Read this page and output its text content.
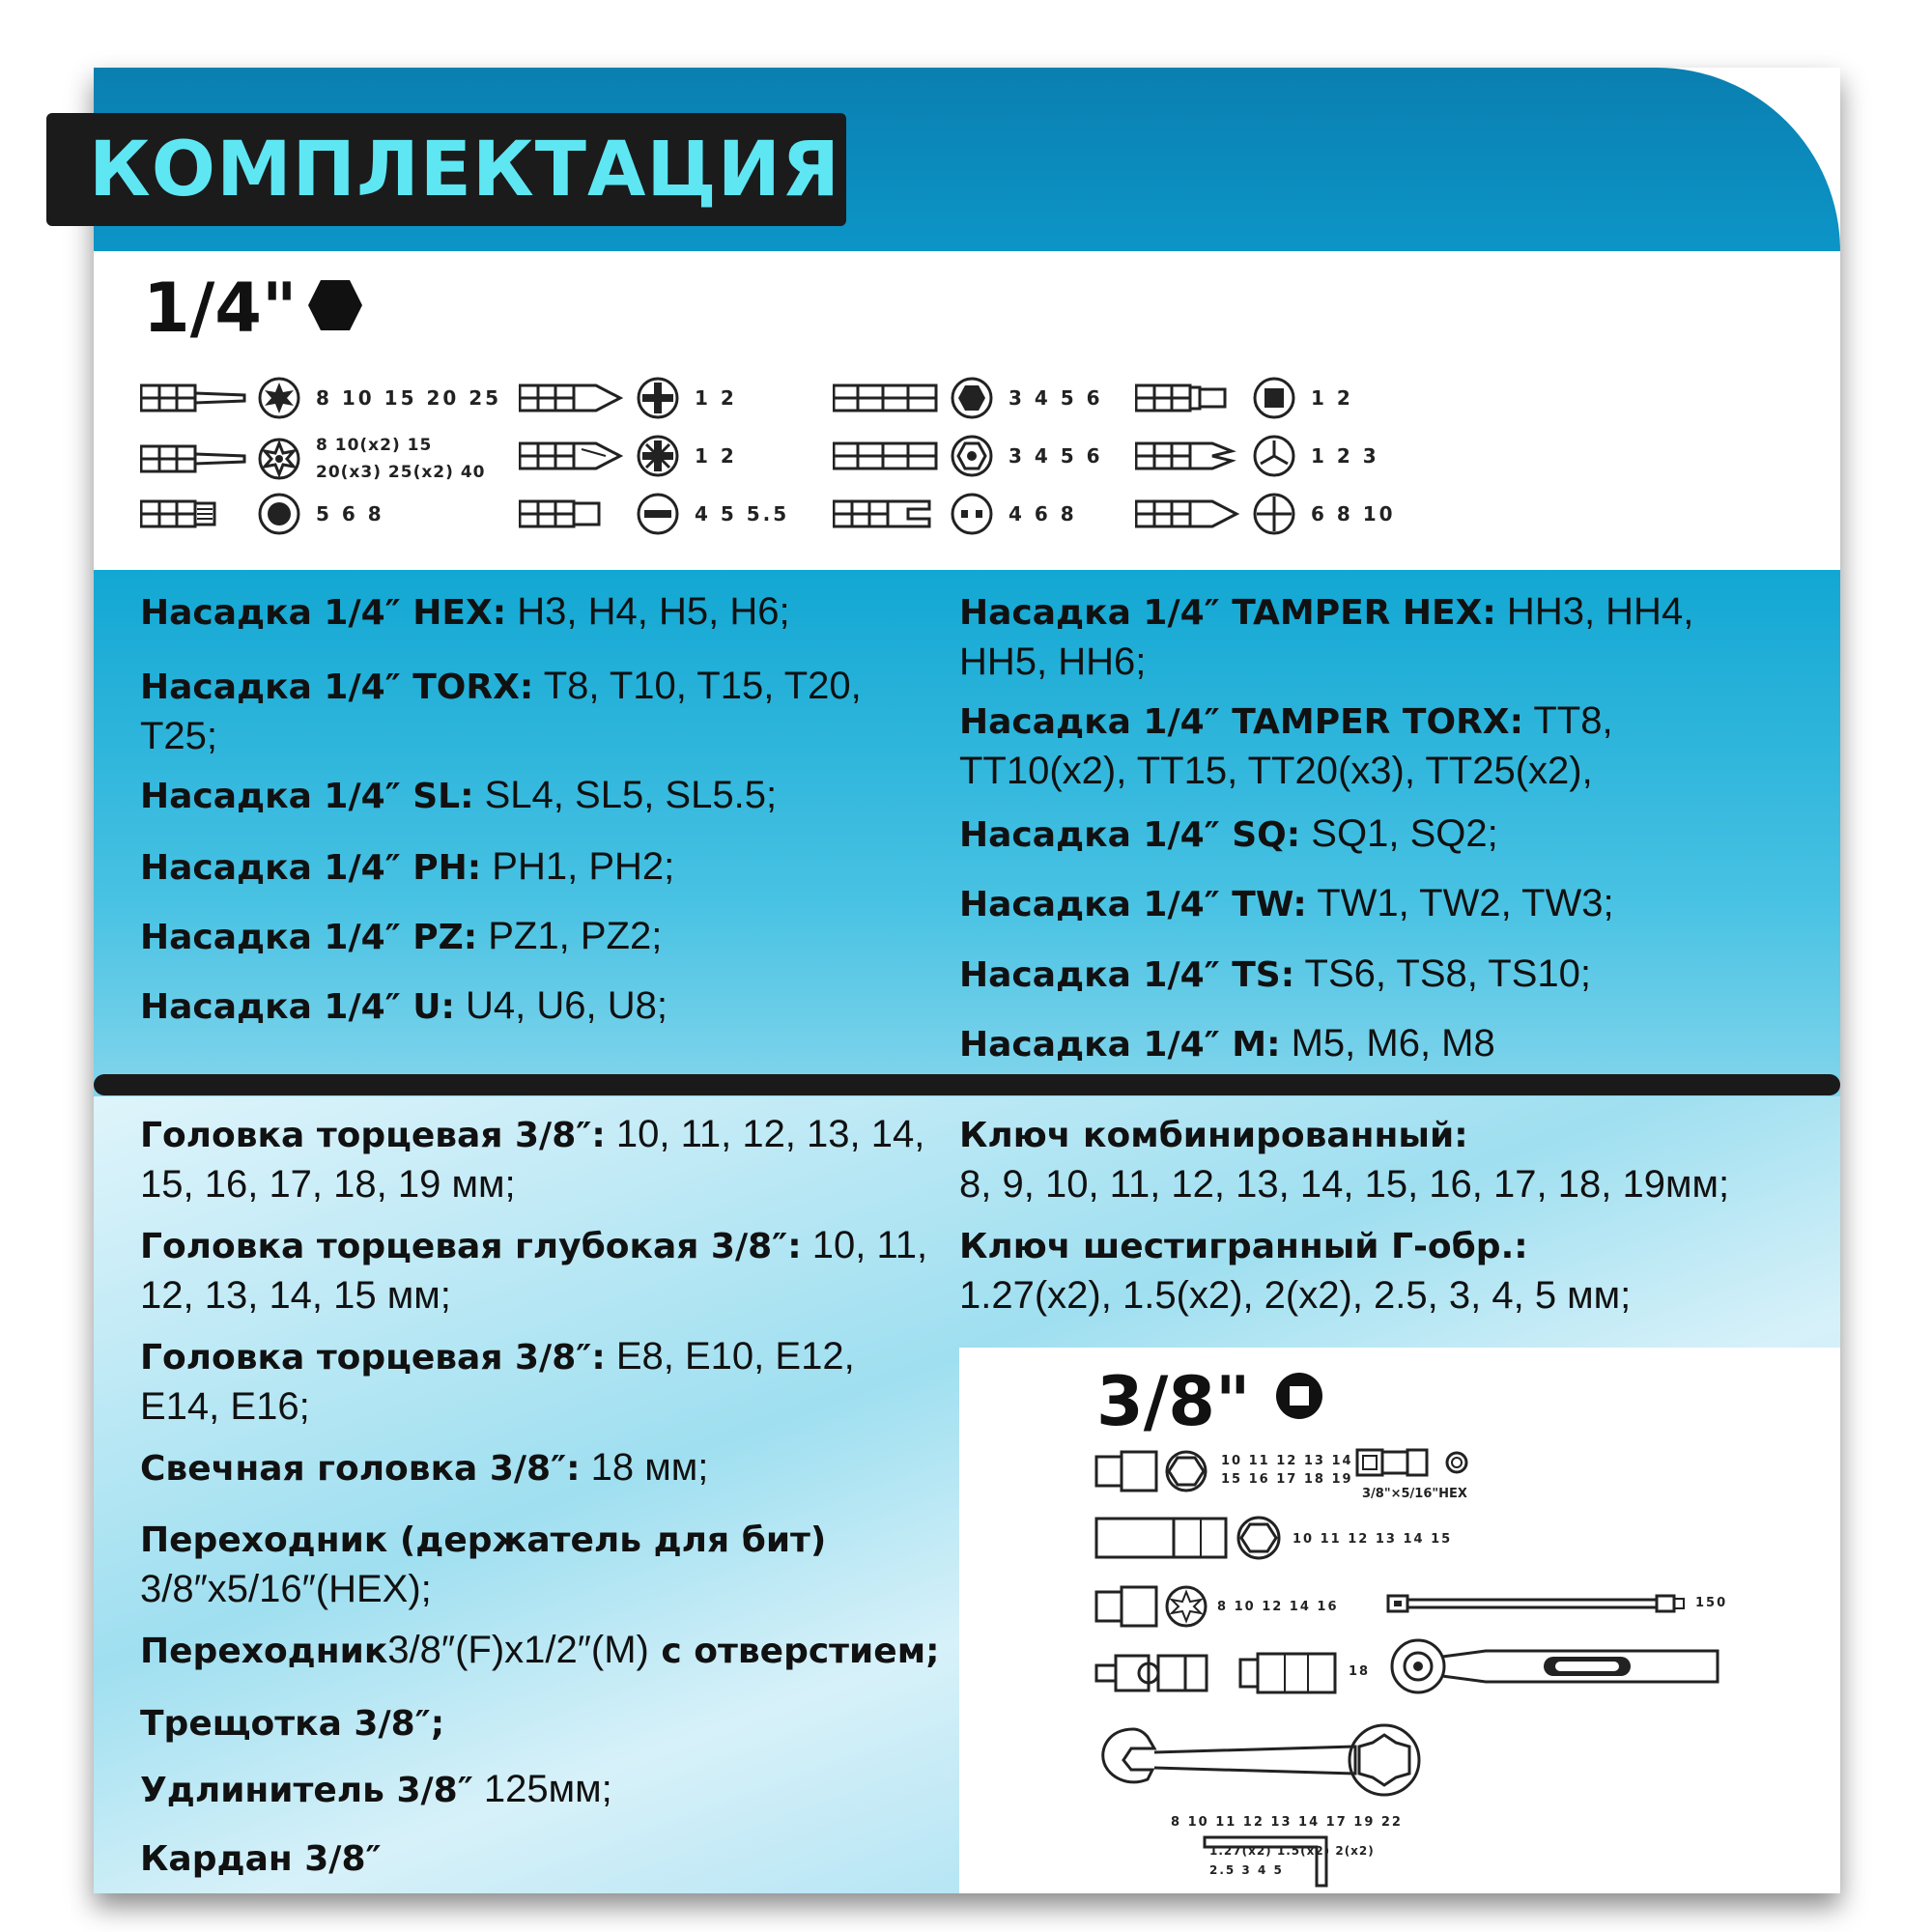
КОМПЛЕКТАЦИЯ
1/4"
8 10 15 20 25
8 10(x2) 15
20(x3) 25(x2) 40
5 6 8
1 2
1 2
4 5 5.5
3 4 5 6
3 4 5 6
4 6 8
1 2
1 2 3
6 8 10
Насадка 1/4″ HEX: H3, H4, H5, H6;
Насадка 1/4″ TORX: T8, T10, T15, T20,
T25;
Насадка 1/4″ SL: SL4, SL5, SL5.5;
Насадка 1/4″ PH: PH1, PH2;
Насадка 1/4″ PZ: PZ1, PZ2;
Насадка 1/4″ U: U4, U6, U8;
Насадка 1/4″ TAMPER HEX: HH3, HH4,
HH5, HH6;
Насадка 1/4″ TAMPER TORX: TT8,
TT10(x2), TT15, TT20(x3), TT25(x2),
Насадка 1/4″ SQ: SQ1, SQ2;
Насадка 1/4″ TW: TW1, TW2, TW3;
Насадка 1/4″ TS: TS6, TS8, TS10;
Насадка 1/4″ M: M5, M6, M8
Головка торцевая 3/8″: 10, 11, 12, 13, 14,
15, 16, 17, 18, 19 мм;
Головка торцевая глубокая 3/8″: 10, 11,
12, 13, 14, 15 мм;
Головка торцевая 3/8″: E8, E10, E12,
E14, E16;
Свечная головка 3/8″: 18 мм;
Переходник (держатель для бит)
3/8″x5/16″(HEX);
Переходник3/8″(F)x1/2″(M) с отверстием;
Трещотка 3/8″;
Удлинитель 3/8″ 125мм;
Кардан 3/8″
Ключ комбинированный:
8, 9, 10, 11, 12, 13, 14, 15, 16, 17, 18, 19мм;
Ключ шестигранный Г-обр.:
1.27(x2), 1.5(x2), 2(x2), 2.5, 3, 4, 5 мм;
3/8"
10 11 12 13 14
15 16 17 18 19
3/8"×5/16"HEX
10 11 12 13 14 15
8 10 12 14 16	150
18
8 10 11 12 13 14 17 19 22
1.27(x2) 1.5(x2) 2(x2)
2.5 3 4 5
